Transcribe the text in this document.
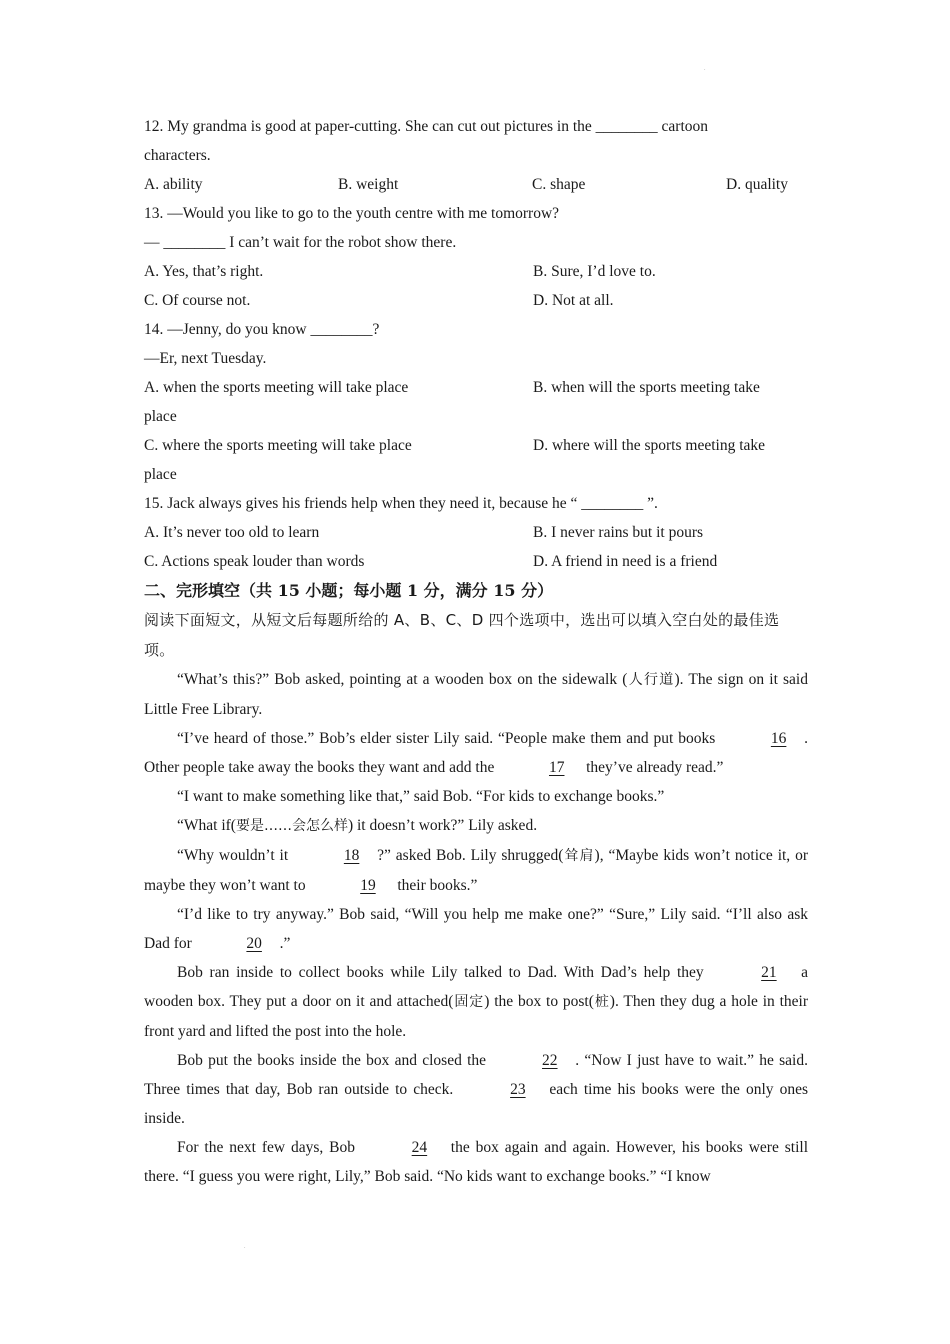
.
.
12. My grandma is good at paper-cutting. She can cut out pictures in the ________ cartoon
characters.
A. ability	B. weight	C. shape	D. quality
13. —Would you like to go to the youth centre with me tomorrow?
— ________ I can’t wait for the robot show there.
A. Yes, that’s right.	B. Sure, I’d love to.
C. Of course not.	D. Not at all.
14. —Jenny, do you know ________?
—Er, next Tuesday.
A. when the sports meeting will take place	B. when will the sports meeting take
place
C. where the sports meeting will take place	D. where will the sports meeting take
place
15. Jack always gives his friends help when they need it, because he “ ________ ”.
A. It’s never too old to learn	B. I never rains but it pours
C. Actions speak louder than words	D. A friend in need is a friend
二、完形填空（共 15 小题；每小题 1 分，满分 15 分）
阅读下面短文，从短文后每题所给的 A、B、C、D 四个选项中，选出可以填入空白处的最佳选项。
“What’s this?” Bob asked, pointing at a wooden box on the sidewalk (人行道). The sign on it said Little Free Library.
“I’ve heard of those.” Bob’s elder sister Lily said. “People make them and put books	16 . Other people take away the books they want and add the	17 they’ve already read.”
“I want to make something like that,” said Bob. “For kids to exchange books.”
“What if(要是……会怎么样) it doesn’t work?” Lily asked.
“Why wouldn’t it	18 ?” asked Bob. Lily shrugged(耸肩), “Maybe kids won’t notice it, or maybe they won’t want to	19 their books.”
“I’d like to try anyway.” Bob said, “Will you help me make one?” “Sure,” Lily said. “I’ll also ask Dad for	20 .”
Bob ran inside to collect books while Lily talked to Dad. With Dad’s help they	21 a wooden box. They put a door on it and attached(固定) the box to post(桩). Then they dug a hole in their front yard and lifted the post into the hole.
Bob put the books inside the box and closed the	22 . “Now I just have to wait.” he said. Three times that day, Bob ran outside to check.	23 each time his books were the only ones inside.
For the next few days, Bob	24 the box again and again. However, his books were still there. “I guess you were right, Lily,” Bob said. “No kids want to exchange books.” “I know
